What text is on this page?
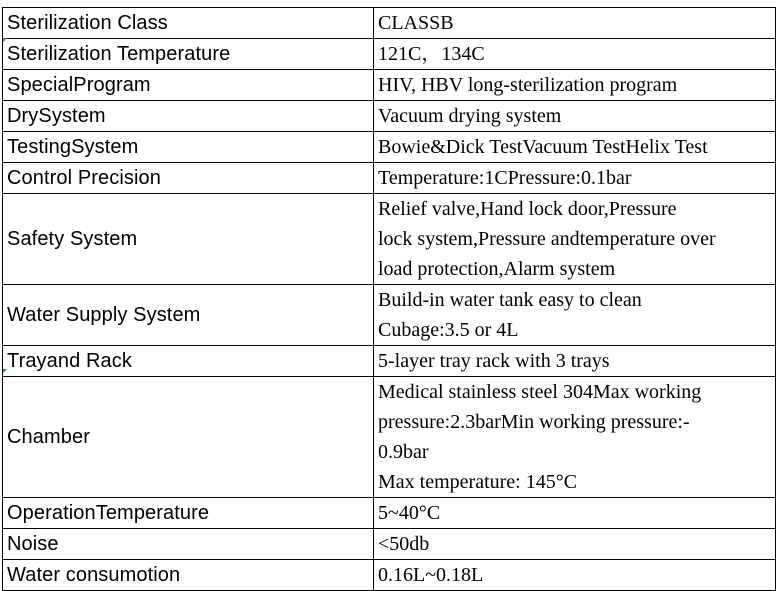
Sterilization Class	CLASSB

Sterilization Temperature	121C，134C

SpecialProgram	HIV, HBV long-sterilization program

DrySystem	Vacuum drying system

TestingSystem	Bowie&Dick TestVacuum TestHelix Test

Control Precision	Temperature:1CPressure:0.1bar

Safety System	Relief valve,Hand lock door,Pressure
lock system,Pressure andtemperature over
load protection,Alarm system

Water Supply System	Build-in water tank easy to clean
Cubage:3.5 or 4L

Trayand Rack	5-layer tray rack with 3 trays

Chamber	Medical stainless steel 304Max working
pressure:2.3barMin working pressure:-
0.9bar
Max temperature: 145°C

OperationTemperature	5~40°C

Noise	<50db

Water consumotion	0.16L~0.18L
